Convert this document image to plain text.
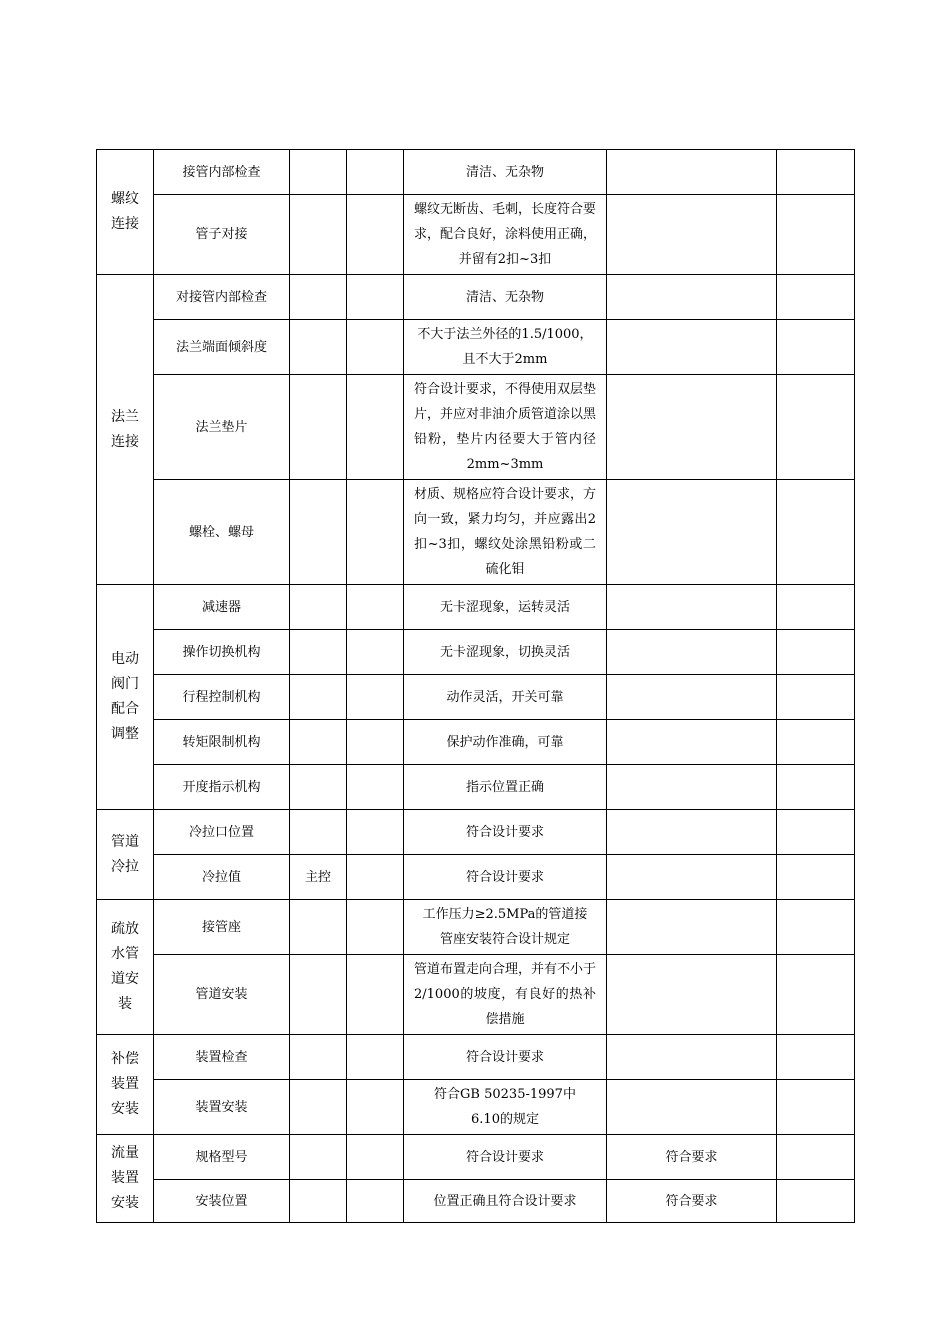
螺纹
连接	接管内部检查			清洁、无杂物		
	管子对接			螺纹无断齿、毛刺，长度符合要求，配合良好，涂料使用正确，并留有2扣~3扣		
法兰
连接	对接管内部检查			清洁、无杂物		
	法兰端面倾斜度			不大于法兰外径的1.5/1000，且不大于2mm		
	法兰垫片			符合设计要求，不得使用双层垫片，并应对非油介质管道涂以黑铅粉，垫片内径要大于管内径2mm~3mm		
	螺栓、螺母			材质、规格应符合设计要求，方向一致，紧力均匀，并应露出2扣~3扣，螺纹处涂黑铅粉或二硫化钼		
电动
阀门
配合
调整	减速器			无卡涩现象，运转灵活		
	操作切换机构			无卡涩现象，切换灵活		
	行程控制机构			动作灵活，开关可靠		
	转矩限制机构			保护动作准确，可靠		
	开度指示机构			指示位置正确		
管道
冷拉	冷拉口位置			符合设计要求		
	冷拉值	主控		符合设计要求		
疏放
水管
道安
装	接管座			工作压力≥2.5MPa的管道接管座安装符合设计规定		
	管道安装			管道布置走向合理，并有不小于2/1000的坡度，有良好的热补偿措施		
补偿
装置
安装	装置检查			符合设计要求		
	装置安装			符合GB 50235-1997中6.10的规定		
流量
装置
安装	规格型号			符合设计要求	符合要求	
	安装位置			位置正确且符合设计要求	符合要求	
